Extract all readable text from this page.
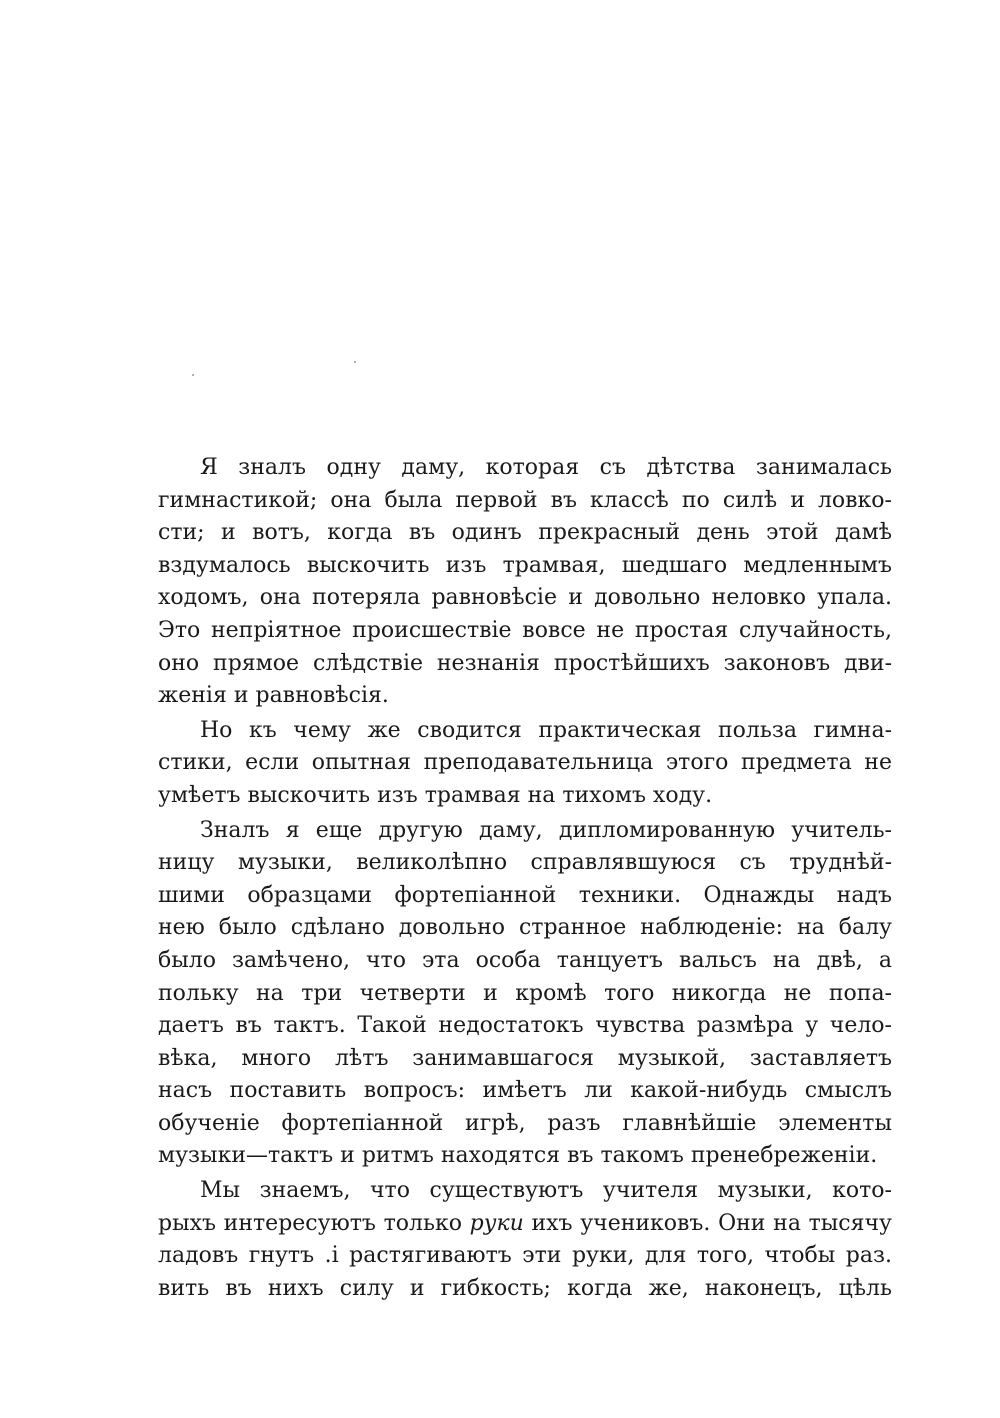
Я зналъ одну даму, которая съ дѣтства занималась
гимнастикой; она была первой въ классѣ по силѣ и ловко-
сти; и вотъ, когда въ одинъ прекрасный день этой дамѣ
вздумалось выскочить изъ трамвая, шедшаго медленнымъ
ходомъ, она потеряла равновѣсіе и довольно неловко упала.
Это непріятное происшествіе вовсе не простая случайность,
оно прямое слѣдствіе незнанія простѣйшихъ законовъ дви-
женія и равновѣсія.

Но къ чему же сводится практическая польза гимна-
стики, если опытная преподавательница этого предмета не
умѣетъ выскочить изъ трамвая на тихомъ ходу.

Зналъ я еще другую даму, дипломированную учитель-
ницу музыки, великолѣпно справлявшуюся съ труднѣй-
шими образцами фортепіанной техники. Однажды надъ
нею было сдѣлано довольно странное наблюденіе: на балу
было замѣчено, что эта особа танцуетъ вальсъ на двѣ, а
польку на три четверти и кромѣ того никогда не попа-
даетъ въ тактъ. Такой недостатокъ чувства размѣра у чело-
вѣка, много лѣтъ занимавшагося музыкой, заставляетъ
насъ поставить вопросъ: имѣетъ ли какой-нибудь смыслъ
обученіе фортепіанной игрѣ, разъ главнѣйшіе элементы
музыки—тактъ и ритмъ находятся въ такомъ пренебреженіи.

Мы знаемъ, что существуютъ учителя музыки, кото-
рыхъ интересуютъ только руки ихъ учениковъ. Они на тысячу
ладовъ гнутъ .і растягиваютъ эти руки, для того, чтобы раз.
вить въ нихъ силу и гибкость; когда же, наконецъ, цѣль
